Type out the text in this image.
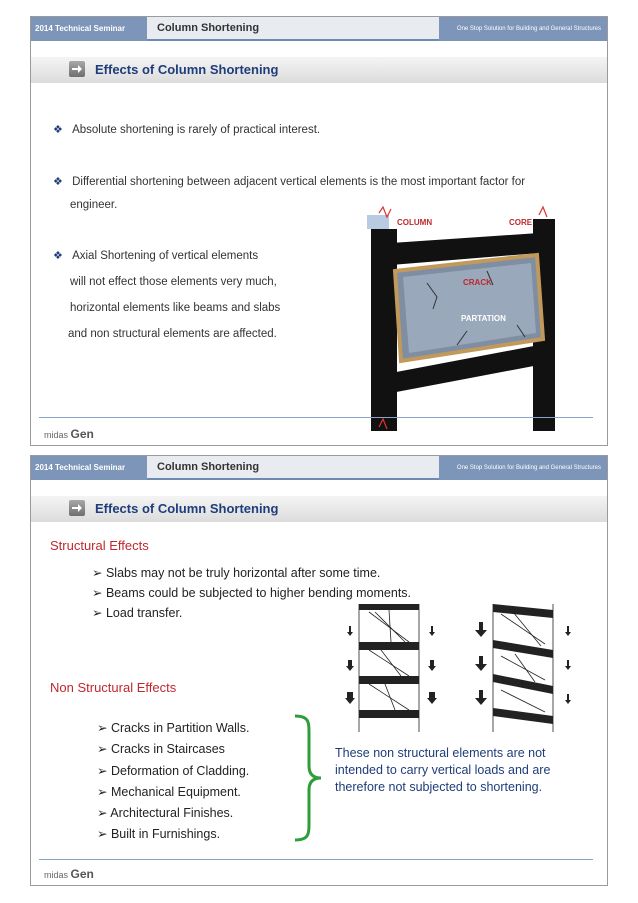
2014 Technical Seminar	Column Shortening	One Stop Solution for Building and General Structures
Effects of Column Shortening
❖ Absolute shortening is rarely of practical interest.
❖ Differential shortening between adjacent vertical elements is the most important factor for
engineer.
❖ Axial Shortening of vertical elements
will not effect those elements very much,
horizontal elements like beams and slabs
and non structural elements are affected.
COLUMN	CORE
CRACK
PARTATION
midas Gen
2014 Technical Seminar	Column Shortening	One Stop Solution for Building and General Structures
Effects of Column Shortening
Structural Effects
➢ Slabs may not be truly horizontal after some time.
➢ Beams could be subjected to higher bending moments.
➢ Load transfer.
Non Structural Effects
➢ Cracks in Partition Walls.
➢ Cracks in Staircases
➢ Deformation of Cladding.
➢ Mechanical Equipment.
➢ Architectural Finishes.
➢ Built in Furnishings.
These non structural elements are not intended to carry vertical loads and are therefore not subjected to shortening.
midas Gen
